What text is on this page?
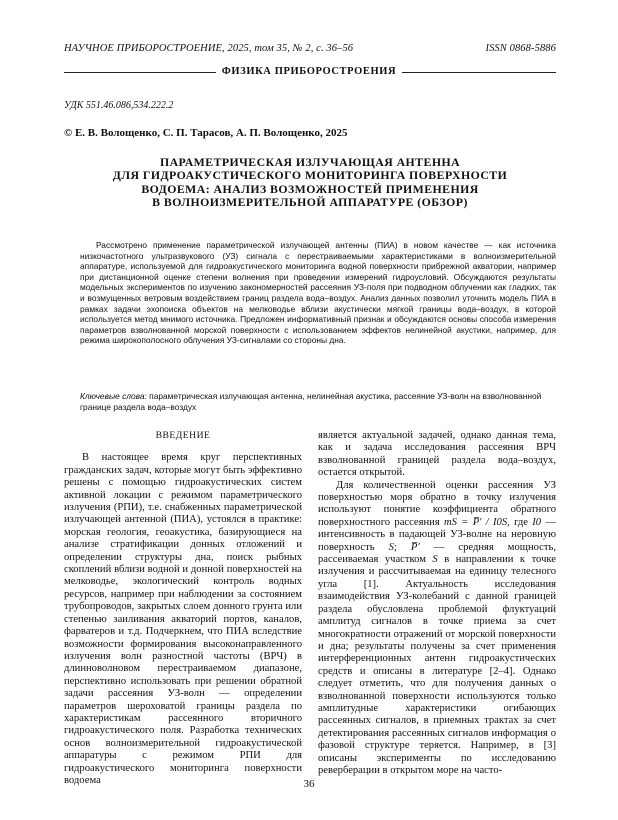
НАУЧНОЕ ПРИБОРОСТРОЕНИЕ, 2025, том 35, № 2, с. 36–56	ISSN 0868-5886
ФИЗИКА ПРИБОРОСТРОЕНИЯ
УДК 551.46.086,534.222.2
© Е. В. Волощенко, С. П. Тарасов, А. П. Волощенко, 2025
ПАРАМЕТРИЧЕСКАЯ ИЗЛУЧАЮЩАЯ АНТЕННА
ДЛЯ ГИДРОАКУСТИЧЕСКОГО МОНИТОРИНГА ПОВЕРХНОСТИ
ВОДОЕМА: АНАЛИЗ ВОЗМОЖНОСТЕЙ ПРИМЕНЕНИЯ
В ВОЛНОИЗМЕРИТЕЛЬНОЙ АППАРАТУРЕ (ОБЗОР)
Рассмотрено применение параметрической излучающей антенны (ПИА) в новом качестве — как источника низкочастотного ультразвукового (УЗ) сигнала с перестраиваемыми характеристиками в волноизмерительной аппаратуре, используемой для гидроакустического мониторинга водной поверхности прибрежной акватории, например при дистанционной оценке степени волнения при проведении измерений гидроусловий. Обсуждаются результаты модельных экспериментов по изучению закономерностей рассеяния УЗ-поля при подводном облучении как гладких, так и возмущенных ветровым воздействием границ раздела вода–воздух. Анализ данных позволил уточнить модель ПИА в рамках задачи эхопоиска объектов на мелководье вблизи акустически мягкой границы вода–воздух, в которой используется метод мнимого источника. Предложен информативный признак и обсуждаются основы способа измерения параметров взволнованной морской поверхности с использованием эффектов нелинейной акустики, например, для режима широкополосного облучения УЗ-сигналами со стороны дна.
Ключевые слова: параметрическая излучающая антенна, нелинейная акустика, рассеяние УЗ-волн на взволнованной границе раздела вода–воздух

ВВЕДЕНИЕ

В настоящее время круг перспективных гражданских задач, которые могут быть эффективно решены с помощью гидроакустических систем активной локации с режимом параметрического излучения (РПИ), т.е. снабженных параметрической излучающей антенной (ПИА), устоялся в практике: морская геология, геоакустика, базирующиеся на анализе стратификации донных отложений и определении структуры дна, поиск рыбных скоплений вблизи водной и донной поверхностей на мелководье, экологический контроль водных ресурсов, например при наблюдении за состоянием трубопроводов, закрытых слоем донного грунта или степенью заиливания акваторий портов, каналов, фарватеров и т.д. Подчеркнем, что ПИА вследствие возможности формирования высоконаправленного излучения волн разностной частоты (ВРЧ) в длинноволновом перестраиваемом диапазоне, перспективно использовать при решении обратной задачи рассеяния УЗ-волн — определении параметров шероховатой границы раздела по характеристикам рассеянного вторичного гидроакустического поля. Разработка технических основ волноизмерительной гидроакустической аппаратуры с режимом РПИ для гидроакустического мониторинга поверхности водоема

является актуальной задачей, однако данная тема, как и задача исследования рассеяния ВРЧ взволнованной границей раздела вода–воздух, остается открытой.

Для количественной оценки рассеяния УЗ поверхностью моря обратно в точку излучения используют понятие коэффициента обратного поверхностного рассеяния mS = P̅′ / I0S, где I0 — интенсивность в падающей УЗ-волне на неровную поверхность S; P̅′ — средняя мощность, рассеиваемая участком S в направлении к точке излучения и рассчитываемая на единицу телесного угла [1]. Актуальность исследования взаимодействия УЗ-колебаний с данной границей раздела обусловлена проблемой флуктуаций амплитуд сигналов в точке приема за счет многократности отражений от морской поверхности и дна; результаты получены за счет применения интерференционных антенн гидроакустических средств и описаны в литературе [2–4]. Однако следует отметить, что для получения данных о взволнованной поверхности используются только амплитудные характеристики огибающих рассеянных сигналов, в приемных трактах за счет детектирования рассеянных сигналов информация о фазовой структуре теряется. Например, в [3] описаны эксперименты по исследованию реверберации в открытом море на часто-

36
